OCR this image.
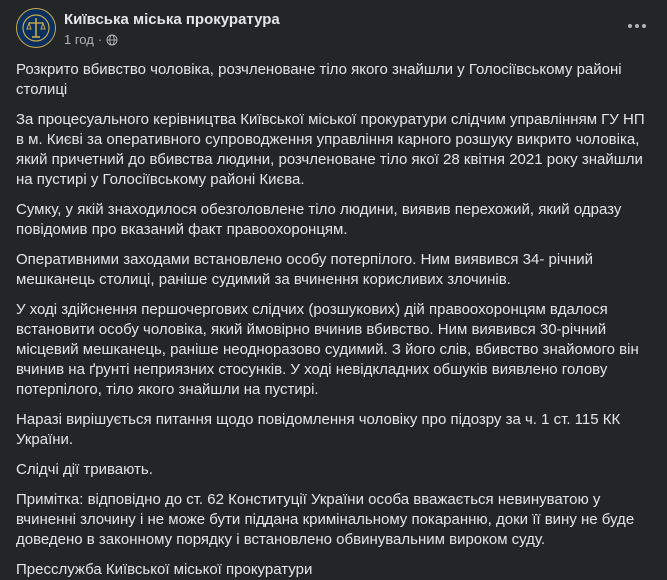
Київська міська прокуратура
1 год ·

Розкрито вбивство чоловіка, розчленоване тіло якого знайшли у Голосіївському районі столиці

За процесуального керівництва Київської міської прокуратури слідчим управлінням ГУ НП в м. Києві за оперативного супроводження управління карного розшуку викрито чоловіка, який причетний до вбивства людини, розчленоване тіло якої 28 квітня 2021 року знайшли на пустирі у Голосіївському районі Києва.

Сумку, у якій знаходилося обезголовлене тіло людини, виявив перехожий, який одразу повідомив про вказаний факт правоохоронцям.

Оперативними заходами встановлено особу потерпілого. Ним виявився 34- річний мешканець столиці, раніше судимий за вчинення корисливих злочинів.

У ході здійснення першочергових слідчих (розшукових) дій правоохоронцям вдалося встановити особу чоловіка, який ймовірно вчинив вбивство. Ним виявився 30-річний місцевий мешканець, раніше неодноразово судимий. З його слів, вбивство знайомого він вчинив на ґрунті неприязних стосунків. У ході невідкладних обшуків виявлено голову потерпілого, тіло якого знайшли на пустирі.

Наразі вирішується питання щодо повідомлення чоловіку про підозру за ч. 1 ст. 115 КК України.

Слідчі дії тривають.

Примітка: відповідно до ст. 62 Конституції України особа вважається невинуватою у вчиненні злочину і не може бути піддана кримінальному покаранню, доки її вину не буде доведено в законному порядку і встановлено обвинувальним вироком суду.

Пресслужба Київської міської прокуратури
